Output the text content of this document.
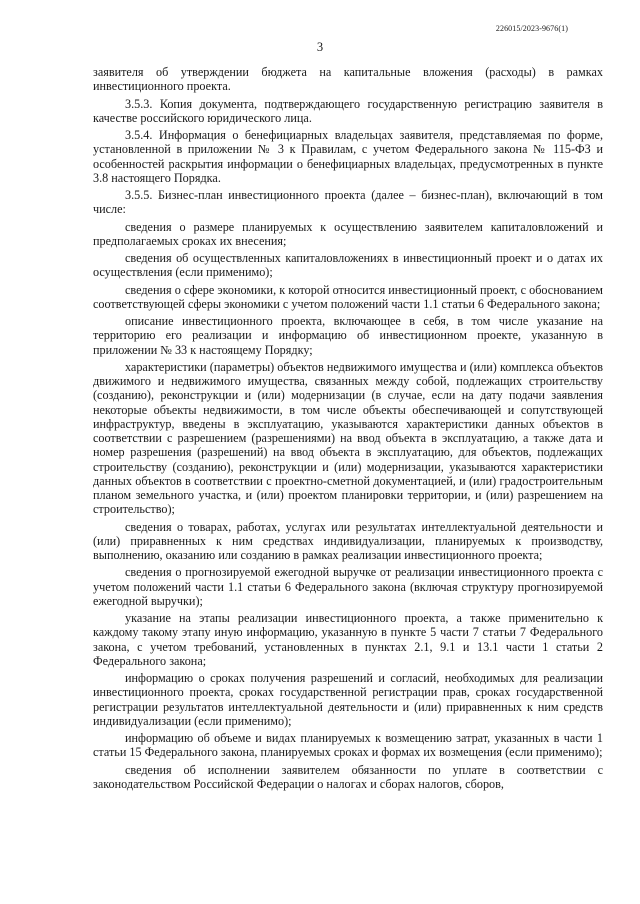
226015/2023-9676(1)
3

заявителя об утверждении бюджета на капитальные вложения (расходы) в рамках инвестиционного проекта.

3.5.3. Копия документа, подтверждающего государственную регистрацию заявителя в качестве российского юридического лица.

3.5.4. Информация о бенефициарных владельцах заявителя, представляемая по форме, установленной в приложении № 3 к Правилам, с учетом Федерального закона № 115-ФЗ и особенностей раскрытия информации о бенефициарных владельцах, предусмотренных в пункте 3.8 настоящего Порядка.

3.5.5. Бизнес-план инвестиционного проекта (далее – бизнес-план), включающий в том числе:

сведения о размере планируемых к осуществлению заявителем капиталовложений и предполагаемых сроках их внесения;

сведения об осуществленных капиталовложениях в инвестиционный проект и о датах их осуществления (если применимо);

сведения о сфере экономики, к которой относится инвестиционный проект, с обоснованием соответствующей сферы экономики с учетом положений части 1.1 статьи 6 Федерального закона;

описание инвестиционного проекта, включающее в себя, в том числе указание на территорию его реализации и информацию об инвестиционном проекте, указанную в приложении № 33 к настоящему Порядку;

характеристики (параметры) объектов недвижимого имущества и (или) комплекса объектов движимого и недвижимого имущества, связанных между собой, подлежащих строительству (созданию), реконструкции и (или) модернизации (в случае, если на дату подачи заявления некоторые объекты недвижимости, в том числе объекты обеспечивающей и сопутствующей инфраструктур, введены в эксплуатацию, указываются характеристики данных объектов в соответствии с разрешением (разрешениями) на ввод объекта в эксплуатацию, а также дата и номер разрешения (разрешений) на ввод объекта в эксплуатацию, для объектов, подлежащих строительству (созданию), реконструкции и (или) модернизации, указываются характеристики данных объектов в соответствии с проектно-сметной документацией, и (или) градостроительным планом земельного участка, и (или) проектом планировки территории, и (или) разрешением на строительство);

сведения о товарах, работах, услугах или результатах интеллектуальной деятельности и (или) приравненных к ним средствах индивидуализации, планируемых к производству, выполнению, оказанию или созданию в рамках реализации инвестиционного проекта;

сведения о прогнозируемой ежегодной выручке от реализации инвестиционного проекта с учетом положений части 1.1 статьи 6 Федерального закона (включая структуру прогнозируемой ежегодной выручки);

указание на этапы реализации инвестиционного проекта, а также применительно к каждому такому этапу иную информацию, указанную в пункте 5 части 7 статьи 7 Федерального закона, с учетом требований, установленных в пунктах 2.1, 9.1 и 13.1 части 1 статьи 2 Федерального закона;

информацию о сроках получения разрешений и согласий, необходимых для реализации инвестиционного проекта, сроках государственной регистрации прав, сроках государственной регистрации результатов интеллектуальной деятельности и (или) приравненных к ним средств индивидуализации (если применимо);

информацию об объеме и видах планируемых к возмещению затрат, указанных в части 1 статьи 15 Федерального закона, планируемых сроках и формах их возмещения (если применимо);

сведения об исполнении заявителем обязанности по уплате в соответствии с законодательством Российской Федерации о налогах и сборах налогов, сборов,
